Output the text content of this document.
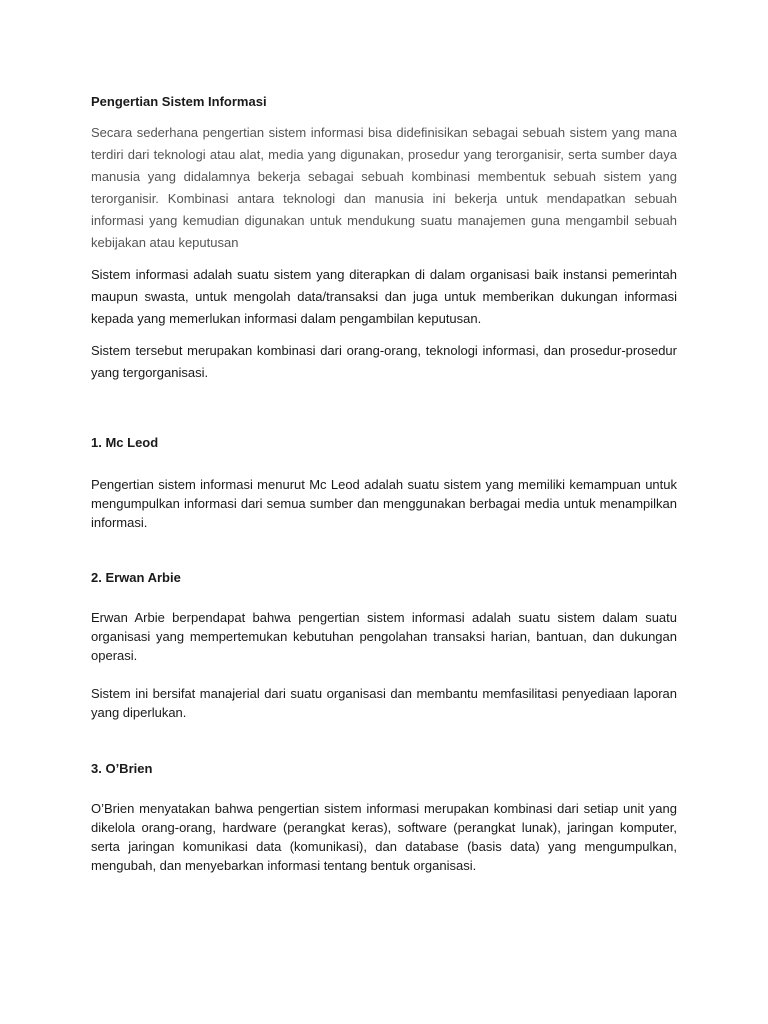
Pengertian Sistem Informasi

Secara sederhana pengertian sistem informasi bisa didefinisikan sebagai sebuah sistem yang mana terdiri dari teknologi atau alat, media yang digunakan, prosedur yang terorganisir, serta sumber daya manusia yang didalamnya bekerja sebagai sebuah kombinasi membentuk sebuah sistem yang terorganisir. Kombinasi antara teknologi dan manusia ini bekerja untuk mendapatkan sebuah informasi yang kemudian digunakan untuk mendukung suatu manajemen guna mengambil sebuah kebijakan atau keputusan

Sistem informasi adalah suatu sistem yang diterapkan di dalam organisasi baik instansi pemerintah maupun swasta, untuk mengolah data/transaksi dan juga untuk memberikan dukungan informasi kepada yang memerlukan informasi dalam pengambilan keputusan.

Sistem tersebut merupakan kombinasi dari orang-orang, teknologi informasi, dan prosedur-prosedur yang tergorganisasi.

1. Mc Leod

Pengertian sistem informasi menurut Mc Leod adalah suatu sistem yang memiliki kemampuan untuk mengumpulkan informasi dari semua sumber dan menggunakan berbagai media untuk menampilkan informasi.

2. Erwan Arbie

Erwan Arbie berpendapat bahwa pengertian sistem informasi adalah suatu sistem dalam suatu organisasi yang mempertemukan kebutuhan pengolahan transaksi harian, bantuan, dan dukungan operasi.

Sistem ini bersifat manajerial dari suatu organisasi dan membantu memfasilitasi penyediaan laporan yang diperlukan.

3. O’Brien

O’Brien menyatakan bahwa pengertian sistem informasi merupakan kombinasi dari setiap unit yang dikelola orang-orang, hardware (perangkat keras), software (perangkat lunak), jaringan komputer, serta jaringan komunikasi data (komunikasi), dan database (basis data) yang mengumpulkan, mengubah, dan menyebarkan informasi tentang bentuk organisasi.
